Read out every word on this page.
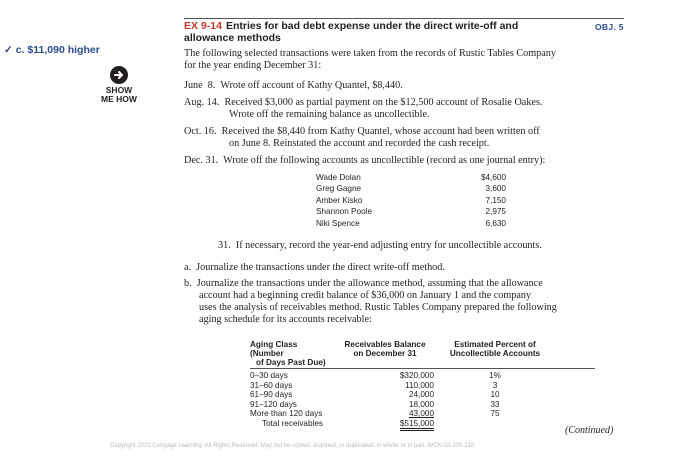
✓ c. $11,090 higher
SHOW
ME HOW
EX 9-14 Entries for bad debt expense under the direct write-off and
allowance methods
OBJ. 5
The following selected transactions were taken from the records of Rustic Tables Company
for the year ending December 31:
June  8.  Wrote off account of Kathy Quantel, $8,440.
Aug. 14.  Received $3,000 as partial payment on the $12,500 account of Rosalie Oakes.
Wrote off the remaining balance as uncollectible.
Oct. 16.  Received the $8,440 from Kathy Quantel, whose account had been written off
on June 8. Reinstated the account and recorded the cash receipt.
Dec. 31.  Wrote off the following accounts as uncollectible (record as one journal entry):
Wade Dolan	$4,600
Greg Gagne	3,600
Amber Kisko	7,150
Shannon Poole	2,975
Niki Spence	6,630
31.  If necessary, record the year-end adjusting entry for uncollectible accounts.
a.  Journalize the transactions under the direct write-off method.
b.  Journalize the transactions under the allowance method, assuming that the allowance
account had a beginning credit balance of $36,000 on January 1 and the company
uses the analysis of receivables method. Rustic Tables Company prepared the following
aging schedule for its accounts receivable:
Aging Class (Number
of Days Past Due)
Receivables Balance
on December 31
Estimated Percent of
Uncollectible Accounts
0–30 days	$320,000	1%
31–60 days	110,000	3
61–90 days	24,000	10
91–120 days	18,000	33
More than 120 days	43,000	75
Total receivables	$515,000
(Continued)
Copyright 2021 Cengage Learning. All Rights Reserved. May not be copied, scanned, or duplicated, in whole or in part. WCN 02-200-210
